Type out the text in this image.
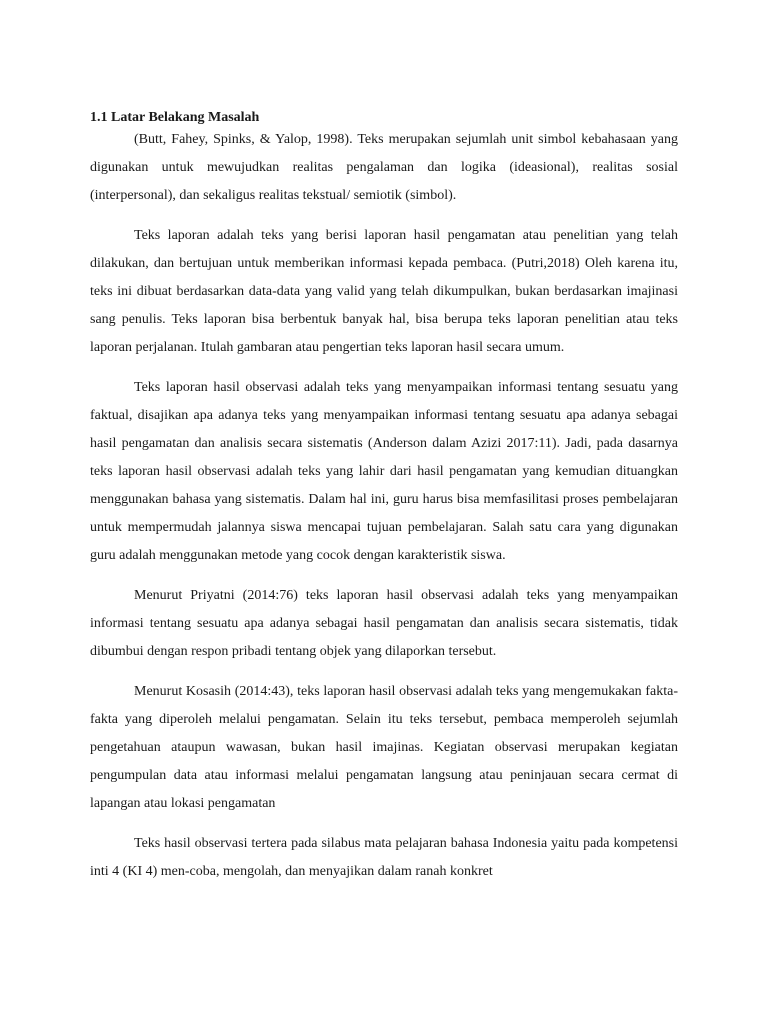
1.1 Latar Belakang Masalah

(Butt, Fahey, Spinks, & Yalop, 1998). Teks merupakan sejumlah unit simbol kebahasaan yang digunakan untuk mewujudkan realitas pengalaman dan logika (ideasional), realitas sosial (interpersonal), dan sekaligus realitas tekstual/ semiotik (simbol).

Teks laporan adalah teks yang berisi laporan hasil pengamatan atau penelitian yang telah dilakukan, dan bertujuan untuk memberikan informasi kepada pembaca. (Putri,2018) Oleh karena itu, teks ini dibuat berdasarkan data-data yang valid yang telah dikumpulkan, bukan berdasarkan imajinasi sang penulis. Teks laporan bisa berbentuk banyak hal, bisa berupa teks laporan penelitian atau teks laporan perjalanan. Itulah gambaran atau pengertian teks laporan hasil secara umum.

Teks laporan hasil observasi adalah teks yang menyampaikan informasi tentang sesuatu yang faktual, disajikan apa adanya teks yang menyampaikan informasi tentang sesuatu apa adanya sebagai hasil pengamatan dan analisis secara sistematis (Anderson dalam Azizi 2017:11). Jadi, pada dasarnya teks laporan hasil observasi adalah teks yang lahir dari hasil pengamatan yang kemudian dituangkan menggunakan bahasa yang sistematis. Dalam hal ini, guru harus bisa memfasilitasi proses pembelajaran untuk mempermudah jalannya siswa mencapai tujuan pembelajaran. Salah satu cara yang digunakan guru adalah menggunakan metode yang cocok dengan karakteristik siswa.

Menurut Priyatni (2014:76) teks laporan hasil observasi adalah teks yang menyampaikan informasi tentang sesuatu apa adanya sebagai hasil pengamatan dan analisis secara sistematis, tidak dibumbui dengan respon pribadi tentang objek yang dilaporkan tersebut.

Menurut Kosasih (2014:43), teks laporan hasil observasi adalah teks yang mengemukakan fakta-fakta yang diperoleh melalui pengamatan. Selain itu teks tersebut, pembaca memperoleh sejumlah pengetahuan ataupun wawasan, bukan hasil imajinas. Kegiatan observasi merupakan kegiatan pengumpulan data atau informasi melalui pengamatan langsung atau peninjauan secara cermat di lapangan atau lokasi pengamatan

Teks hasil observasi tertera pada silabus mata pelajaran bahasa Indonesia yaitu pada kompetensi inti 4 (KI 4) men-coba, mengolah, dan menyajikan dalam ranah konkret
